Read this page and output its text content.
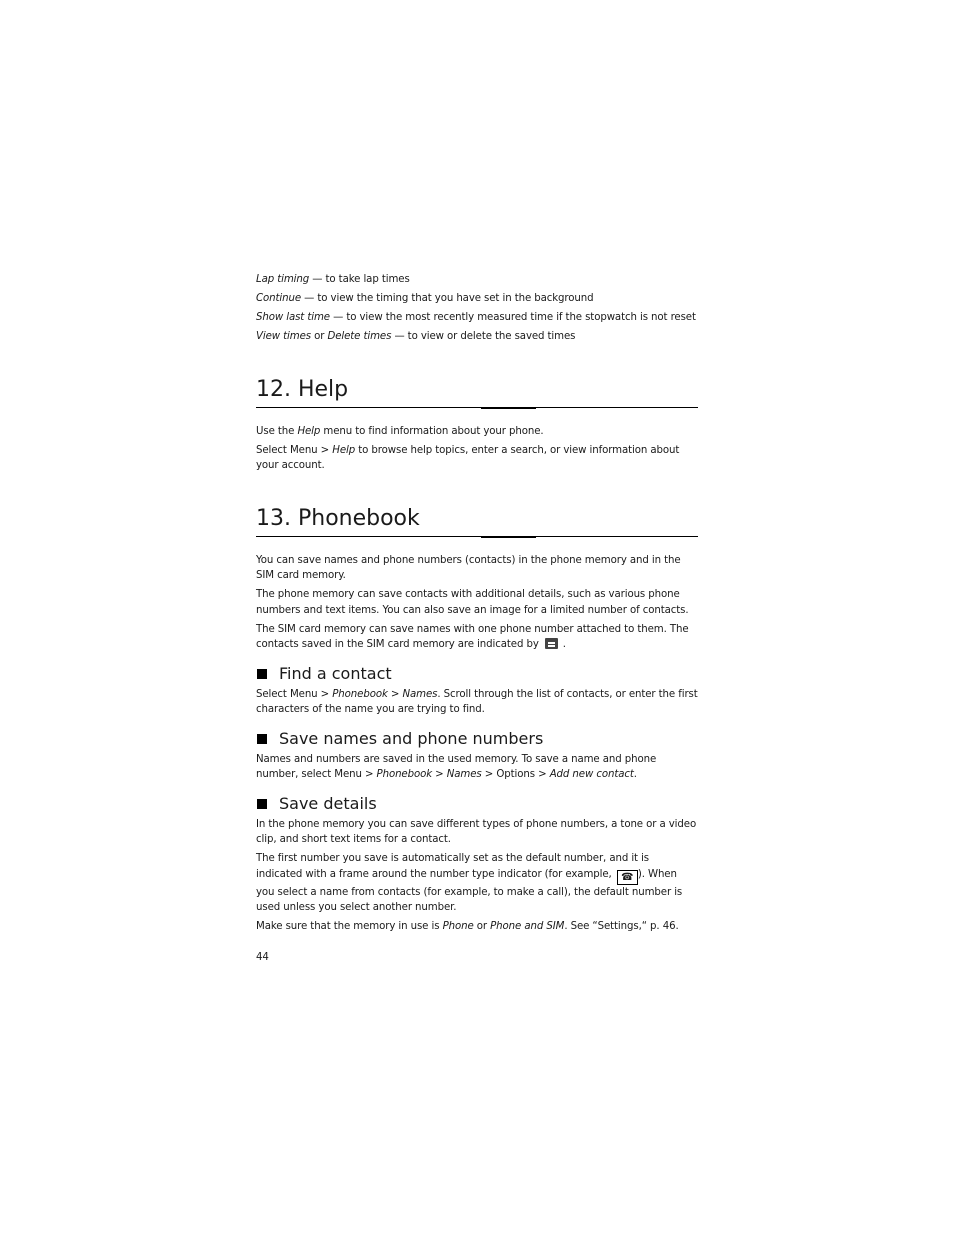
Lap timing — to take lap times

Continue — to view the timing that you have set in the background

Show last time — to view the most recently measured time if the stopwatch is not reset

View times or Delete times — to view or delete the saved times

12. Help

Use the Help menu to find information about your phone.

Select Menu > Help to browse help topics, enter a search, or view information about your account.

13. Phonebook

You can save names and phone numbers (contacts) in the phone memory and in the SIM card memory.

The phone memory can save contacts with additional details, such as various phone numbers and text items. You can also save an image for a limited number of contacts.

The SIM card memory can save names with one phone number attached to them. The contacts saved in the SIM card memory are indicated by .

Find a contact

Select Menu > Phonebook > Names. Scroll through the list of contacts, or enter the first characters of the name you are trying to find.

Save names and phone numbers

Names and numbers are saved in the used memory. To save a name and phone number, select Menu > Phonebook > Names > Options > Add new contact.

Save details

In the phone memory you can save different types of phone numbers, a tone or a video clip, and short text items for a contact.

The first number you save is automatically set as the default number, and it is indicated with a frame around the number type indicator (for example, ☎ ). When you select a name from contacts (for example, to make a call), the default number is used unless you select another number.

Make sure that the memory in use is Phone or Phone and SIM. See “Settings,“ p. 46.

44
